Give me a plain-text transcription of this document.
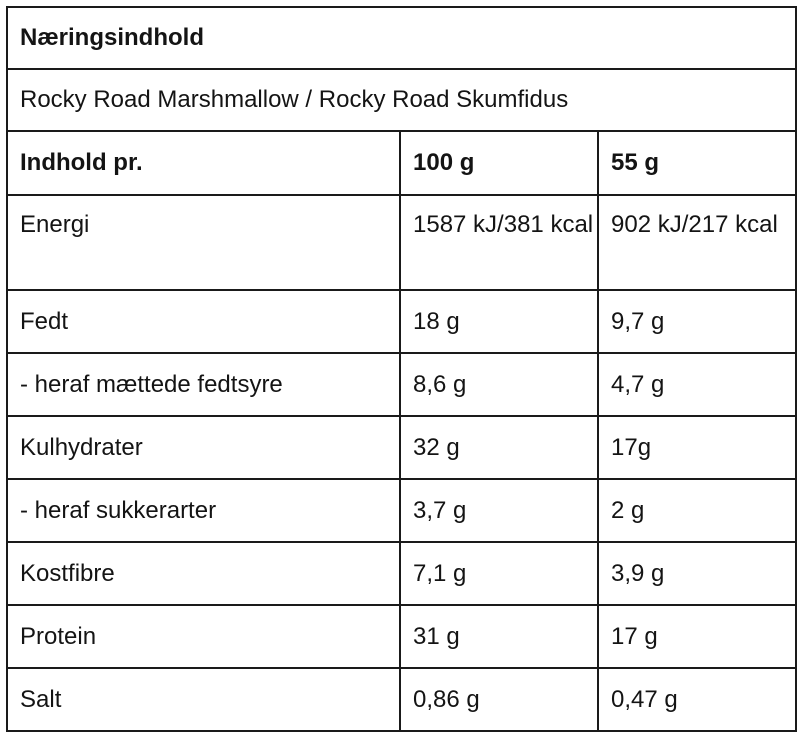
Næringsindhold		
Rocky Road Marshmallow / Rocky Road Skumfidus		
Indhold pr.	100 g	55 g
Energi	1587 kJ/381 kcal	902 kJ/217 kcal
Fedt	18 g	9,7 g
- heraf mættede fedtsyre	8,6 g	4,7 g
Kulhydrater	32 g	17g
- heraf sukkerarter	3,7 g	2 g
Kostfibre	7,1 g	3,9 g
Protein	31 g	17 g
Salt	0,86 g	0,47 g
